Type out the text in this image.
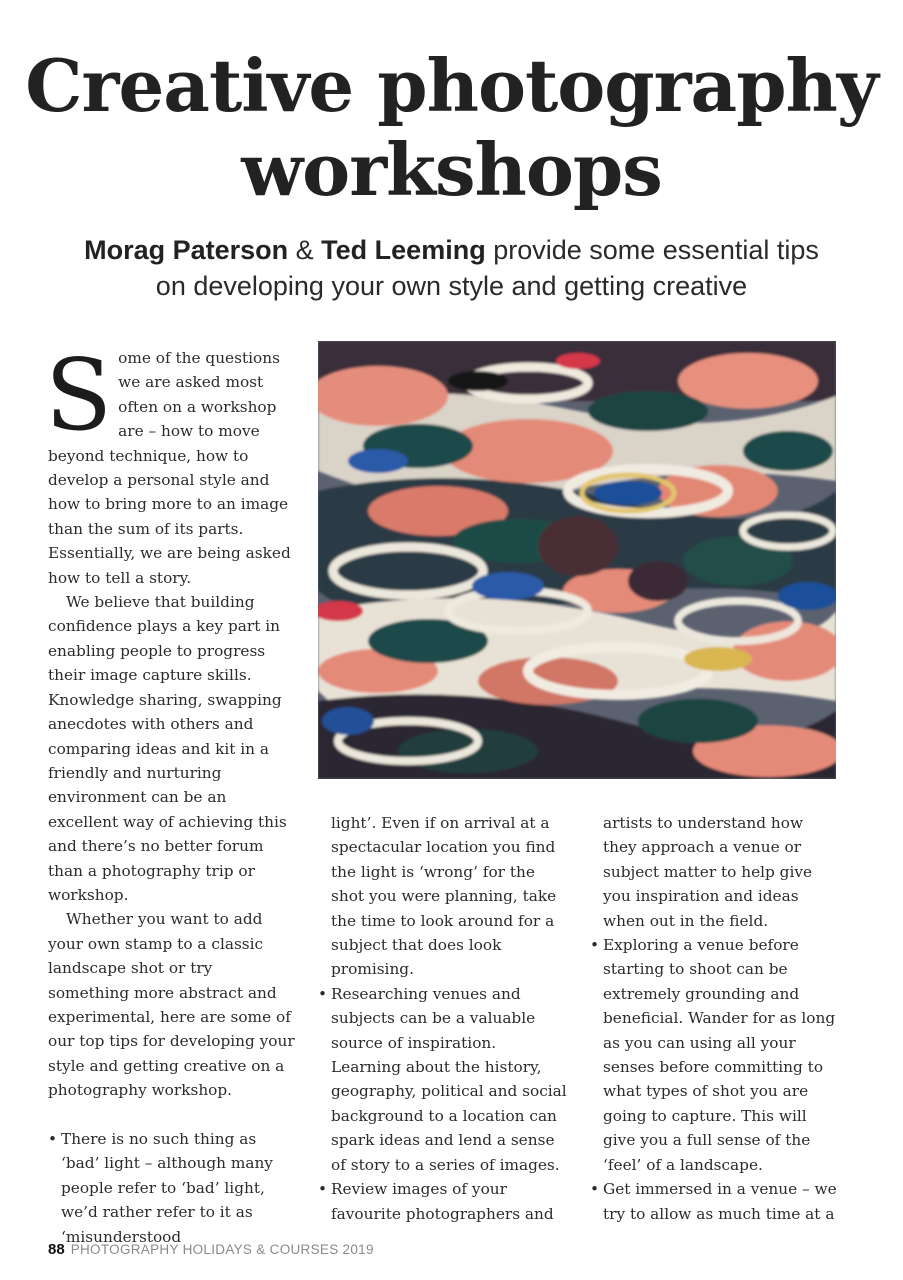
Creative photography
workshops
Morag Paterson & Ted Leeming provide some essential tips
on developing your own style and getting creative

Some of the questions we are asked most often on a workshop are – how to move beyond technique, how to develop a personal style and how to bring more to an image than the sum of its parts. Essentially, we are being asked how to tell a story.

We believe that building confidence plays a key part in enabling people to progress their image capture skills. Knowledge sharing, swapping anecdotes with others and comparing ideas and kit in a friendly and nurturing environment can be an excellent way of achieving this and there’s no better forum than a photography trip or workshop.

Whether you want to add your own stamp to a classic landscape shot or try something more abstract and experimental, here are some of our top tips for developing your style and getting creative on a photography workshop.

• There is no such thing as ‘bad’ light – although many people refer to ‘bad’ light, we’d rather refer to it as ‘misunderstood

light’. Even if on arrival at a spectacular location you find the light is ‘wrong’ for the shot you were planning, take the time to look around for a subject that does look promising.

• Researching venues and subjects can be a valuable source of inspiration. Learning about the history, geography, political and social background to a location can spark ideas and lend a sense of story to a series of images.
• Review images of your favourite photographers and

artists to understand how they approach a venue or subject matter to help give you inspiration and ideas when out in the field.

• Exploring a venue before starting to shoot can be extremely grounding and beneficial. Wander for as long as you can using all your senses before committing to what types of shot you are going to capture. This will give you a full sense of the ‘feel’ of a landscape.
• Get immersed in a venue – we try to allow as much time at a
88 PHOTOGRAPHY HOLIDAYS & COURSES 2019
